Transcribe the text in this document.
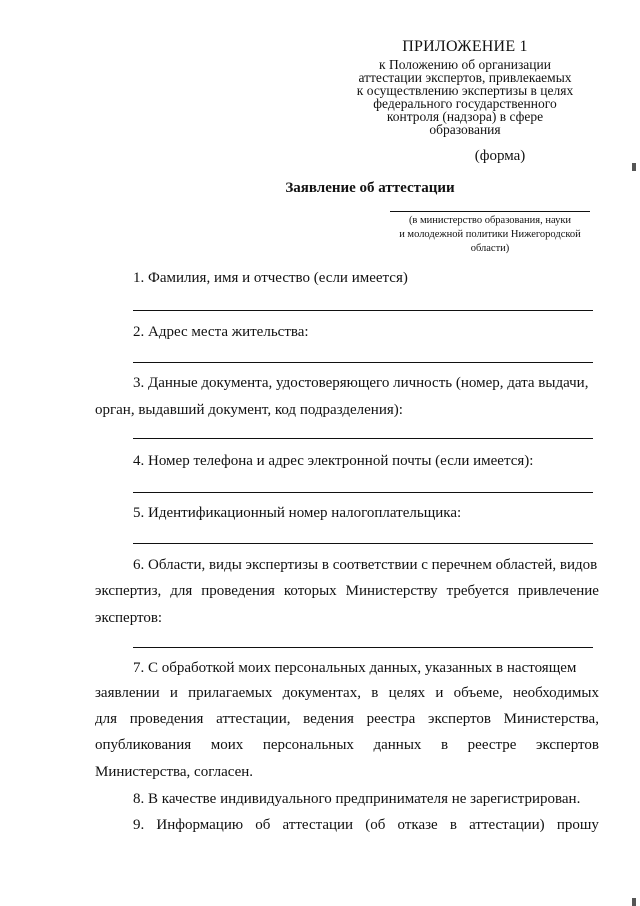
ПРИЛОЖЕНИЕ 1
к Положению об организации
аттестации экспертов, привлекаемых
к осуществлению экспертизы в целях
федерального государственного
контроля (надзора) в сфере
образования
(форма)
Заявление об аттестации
(в министерство образования, науки
и молодежной политики Нижегородской
области)
1. Фамилия, имя и отчество (если имеется)
2. Адрес места жительства:
3. Данные документа, удостоверяющего личность (номер, дата выдачи,
орган, выдавший документ, код подразделения):
4. Номер телефона и адрес электронной почты (если имеется):
5. Идентификационный номер налогоплательщика:
6. Области, виды экспертизы в соответствии с перечнем областей, видов
экспертиз, для проведения которых Министерству требуется привлечение
экспертов:
7. С обработкой моих персональных данных, указанных в настоящем
заявлении и прилагаемых документах, в целях и объеме, необходимых
для проведения аттестации, ведения реестра экспертов Министерства,
опубликования моих персональных данных в реестре экспертов
Министерства, согласен.
8. В качестве индивидуального предпринимателя не зарегистрирован.
9. Информацию об аттестации (об отказе в аттестации) прошу
